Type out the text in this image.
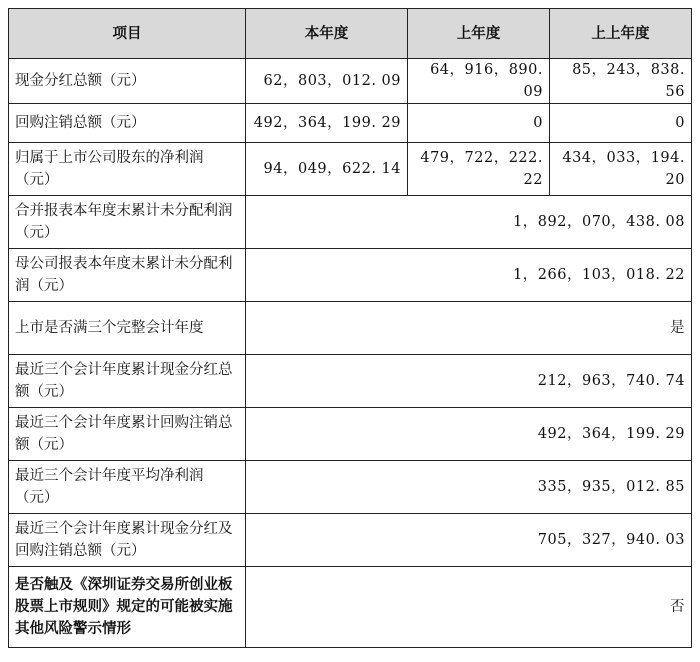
项目	本年度	上年度	上上年度
现金分红总额（元）	62，803，012. 09	64，916，890. 09	85，243，838. 56
回购注销总额（元）	492，364，199. 29	0	0
归属于上市公司股东的净利润（元）	94，049，622. 14	479，722，222. 22	434，033，194. 20
合并报表本年度末累计未分配利润（元）	1，892，070，438. 08		
母公司报表本年度末累计未分配利润（元）	1，266，103，018. 22		
上市是否满三个完整会计年度	是		
最近三个会计年度累计现金分红总额（元）	212，963，740. 74		
最近三个会计年度累计回购注销总额（元）	492，364，199. 29		
最近三个会计年度平均净利润（元）	335，935，012. 85		
最近三个会计年度累计现金分红及回购注销总额（元）	705，327，940. 03		
是否触及《深圳证券交易所创业板股票上市规则》规定的可能被实施其他风险警示情形	否		
